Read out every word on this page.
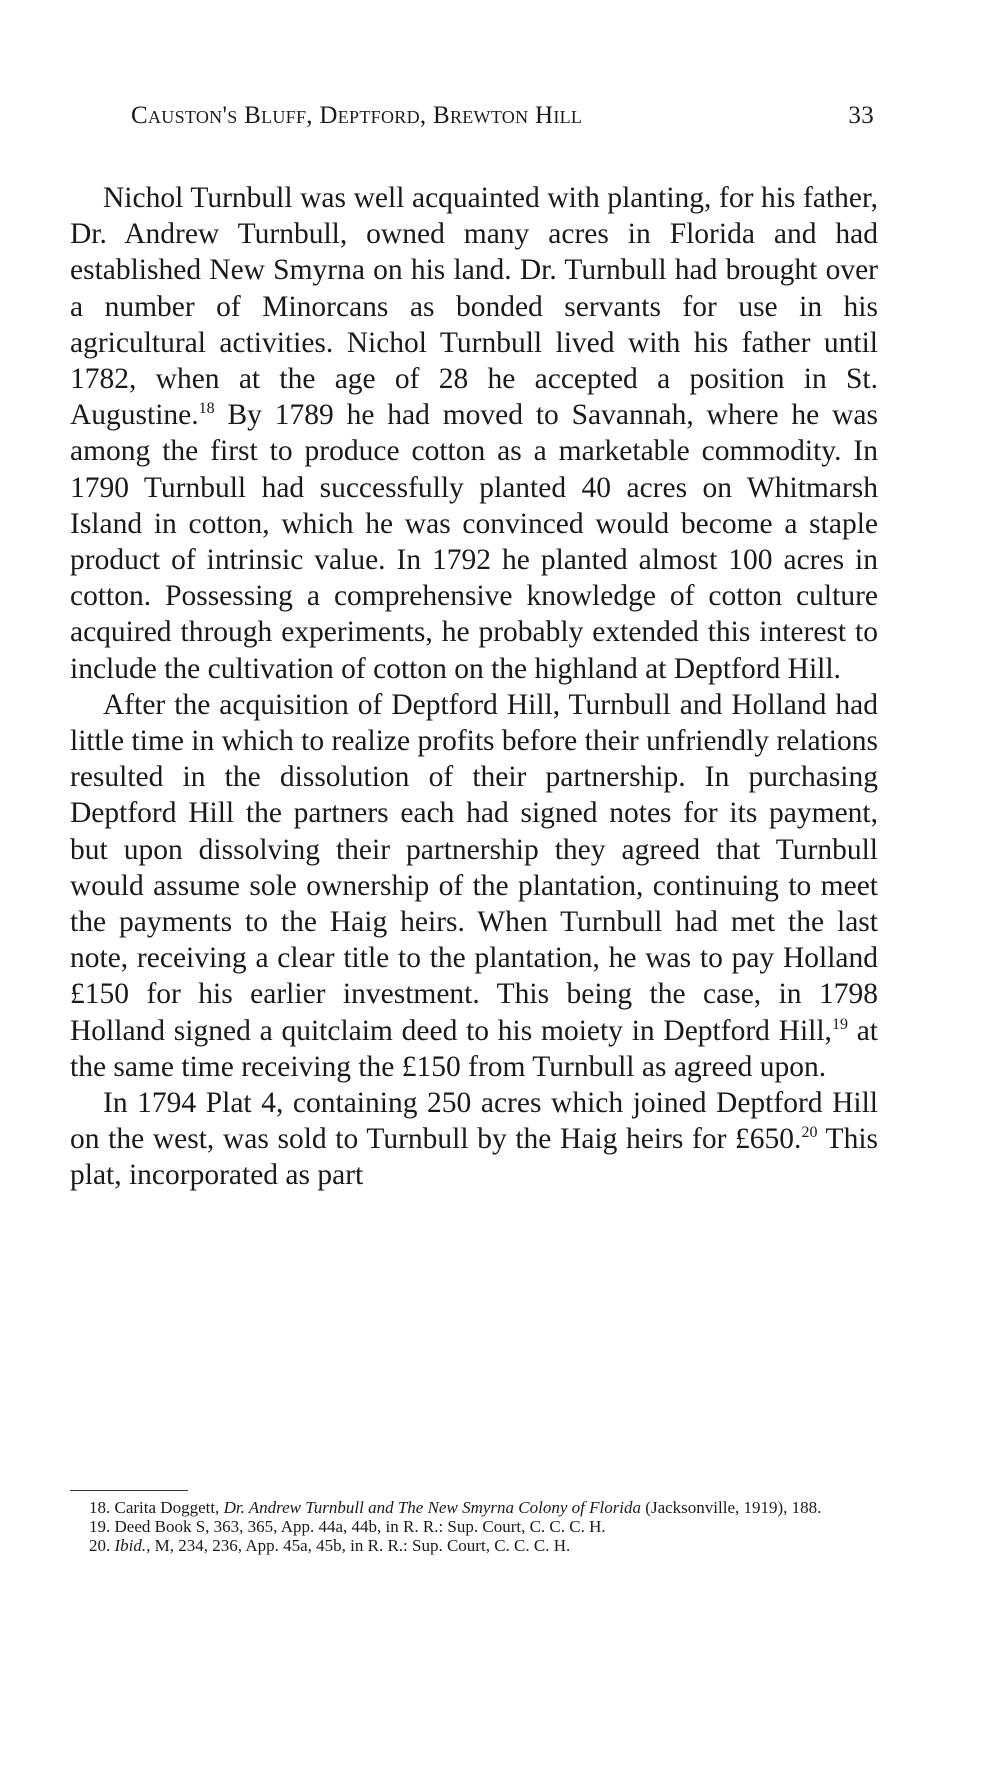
Causton's Bluff, Deptford, Brewton Hill	33

Nichol Turnbull was well acquainted with planting, for his father, Dr. Andrew Turnbull, owned many acres in Florida and had established New Smyrna on his land. Dr. Turnbull had brought over a number of Minorcans as bonded servants for use in his agricultural activities. Nichol Turnbull lived with his father until 1782, when at the age of 28 he accepted a position in St. Augustine.$^{18}$ By 1789 he had moved to Savannah, where he was among the first to produce cotton as a marketable commodity. In 1790 Turnbull had successfully planted 40 acres on Whitmarsh Island in cotton, which he was convinced would become a staple product of intrinsic value. In 1792 he planted almost 100 acres in cotton. Possessing a comprehensive knowledge of cotton culture acquired through experiments, he probably extended this interest to include the cultivation of cotton on the highland at Deptford Hill.

After the acquisition of Deptford Hill, Turnbull and Holland had little time in which to realize profits before their unfriendly relations resulted in the dissolution of their partnership. In purchasing Deptford Hill the partners each had signed notes for its payment, but upon dissolving their partnership they agreed that Turnbull would assume sole ownership of the plantation, continuing to meet the payments to the Haig heirs. When Turnbull had met the last note, receiving a clear title to the plantation, he was to pay Holland £150 for his earlier investment. This being the case, in 1798 Holland signed a quitclaim deed to his moiety in Deptford Hill,$^{19}$ at the same time receiving the £150 from Turnbull as agreed upon.

In 1794 Plat 4, containing 250 acres which joined Deptford Hill on the west, was sold to Turnbull by the Haig heirs for £650.20 This plat, incorporated as part

18. Carita Doggett, Dr. Andrew Turnbull and The New Smyrna Colony of Florida (Jacksonville, 1919), 188.

19. Deed Book S, 363, 365, App. 44a, 44b, in R. R.: Sup. Court, C. C. C. H.

20. Ibid., M, 234, 236, App. 45a, 45b, in R. R.: Sup. Court, C. C. C. H.
